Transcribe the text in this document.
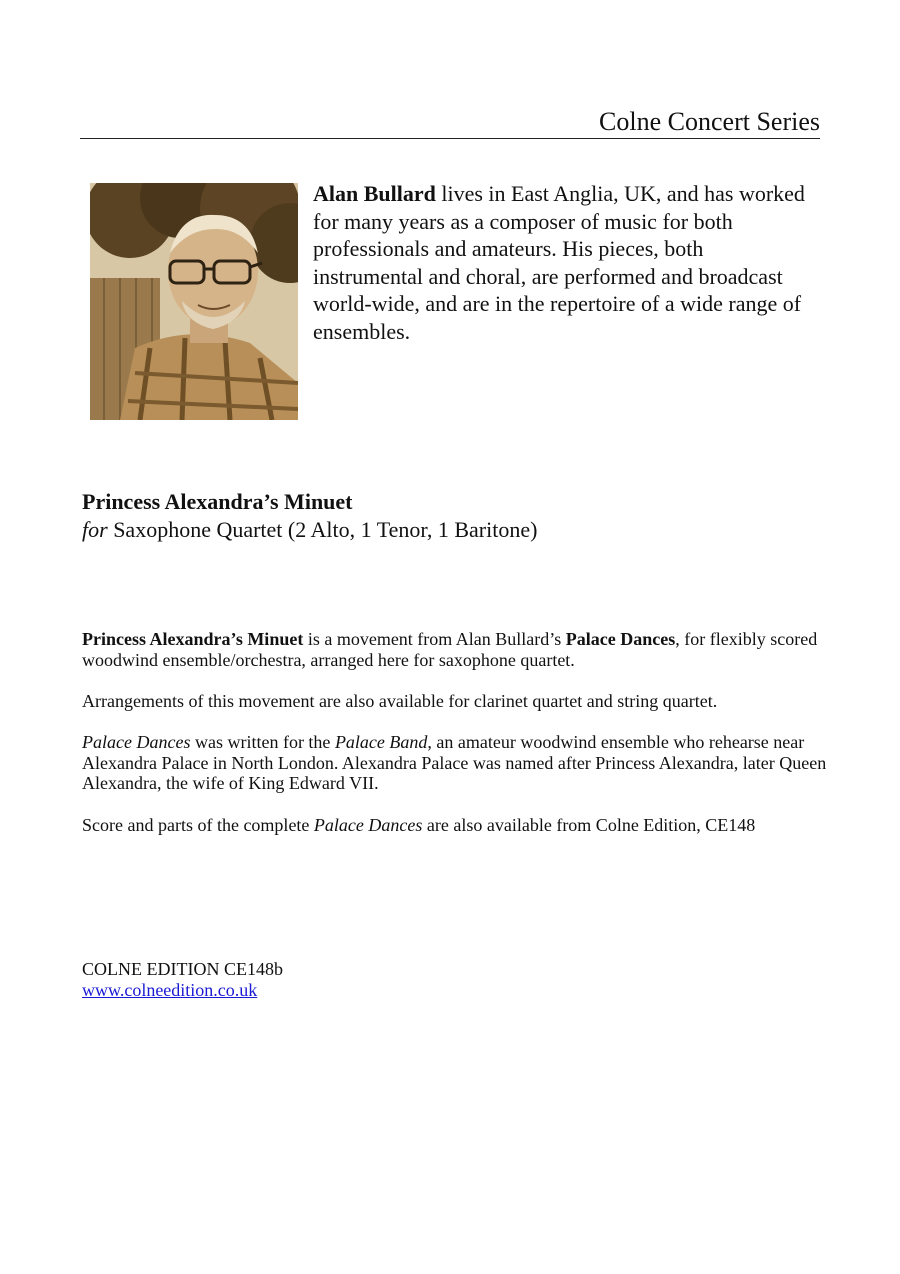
Colne Concert Series

Alan Bullard lives in East Anglia, UK, and has worked for many years as a composer of music for both professionals and amateurs. His pieces, both instrumental and choral, are performed and broadcast world-wide, and are in the repertoire of a wide range of ensembles.

Princess Alexandra’s Minuet

for Saxophone Quartet (2 Alto, 1 Tenor, 1 Baritone)

Princess Alexandra’s Minuet is a movement from Alan Bullard’s Palace Dances, for flexibly scored woodwind ensemble/orchestra, arranged here for saxophone quartet.

Arrangements of this movement are also available for clarinet quartet and string quartet.

Palace Dances was written for the Palace Band, an amateur woodwind ensemble who rehearse near Alexandra Palace in North London. Alexandra Palace was named after Princess Alexandra, later Queen Alexandra, the wife of King Edward VII.

Score and parts of the complete Palace Dances are also available from Colne Edition, CE148

COLNE EDITION CE148b
www.colneedition.co.uk
